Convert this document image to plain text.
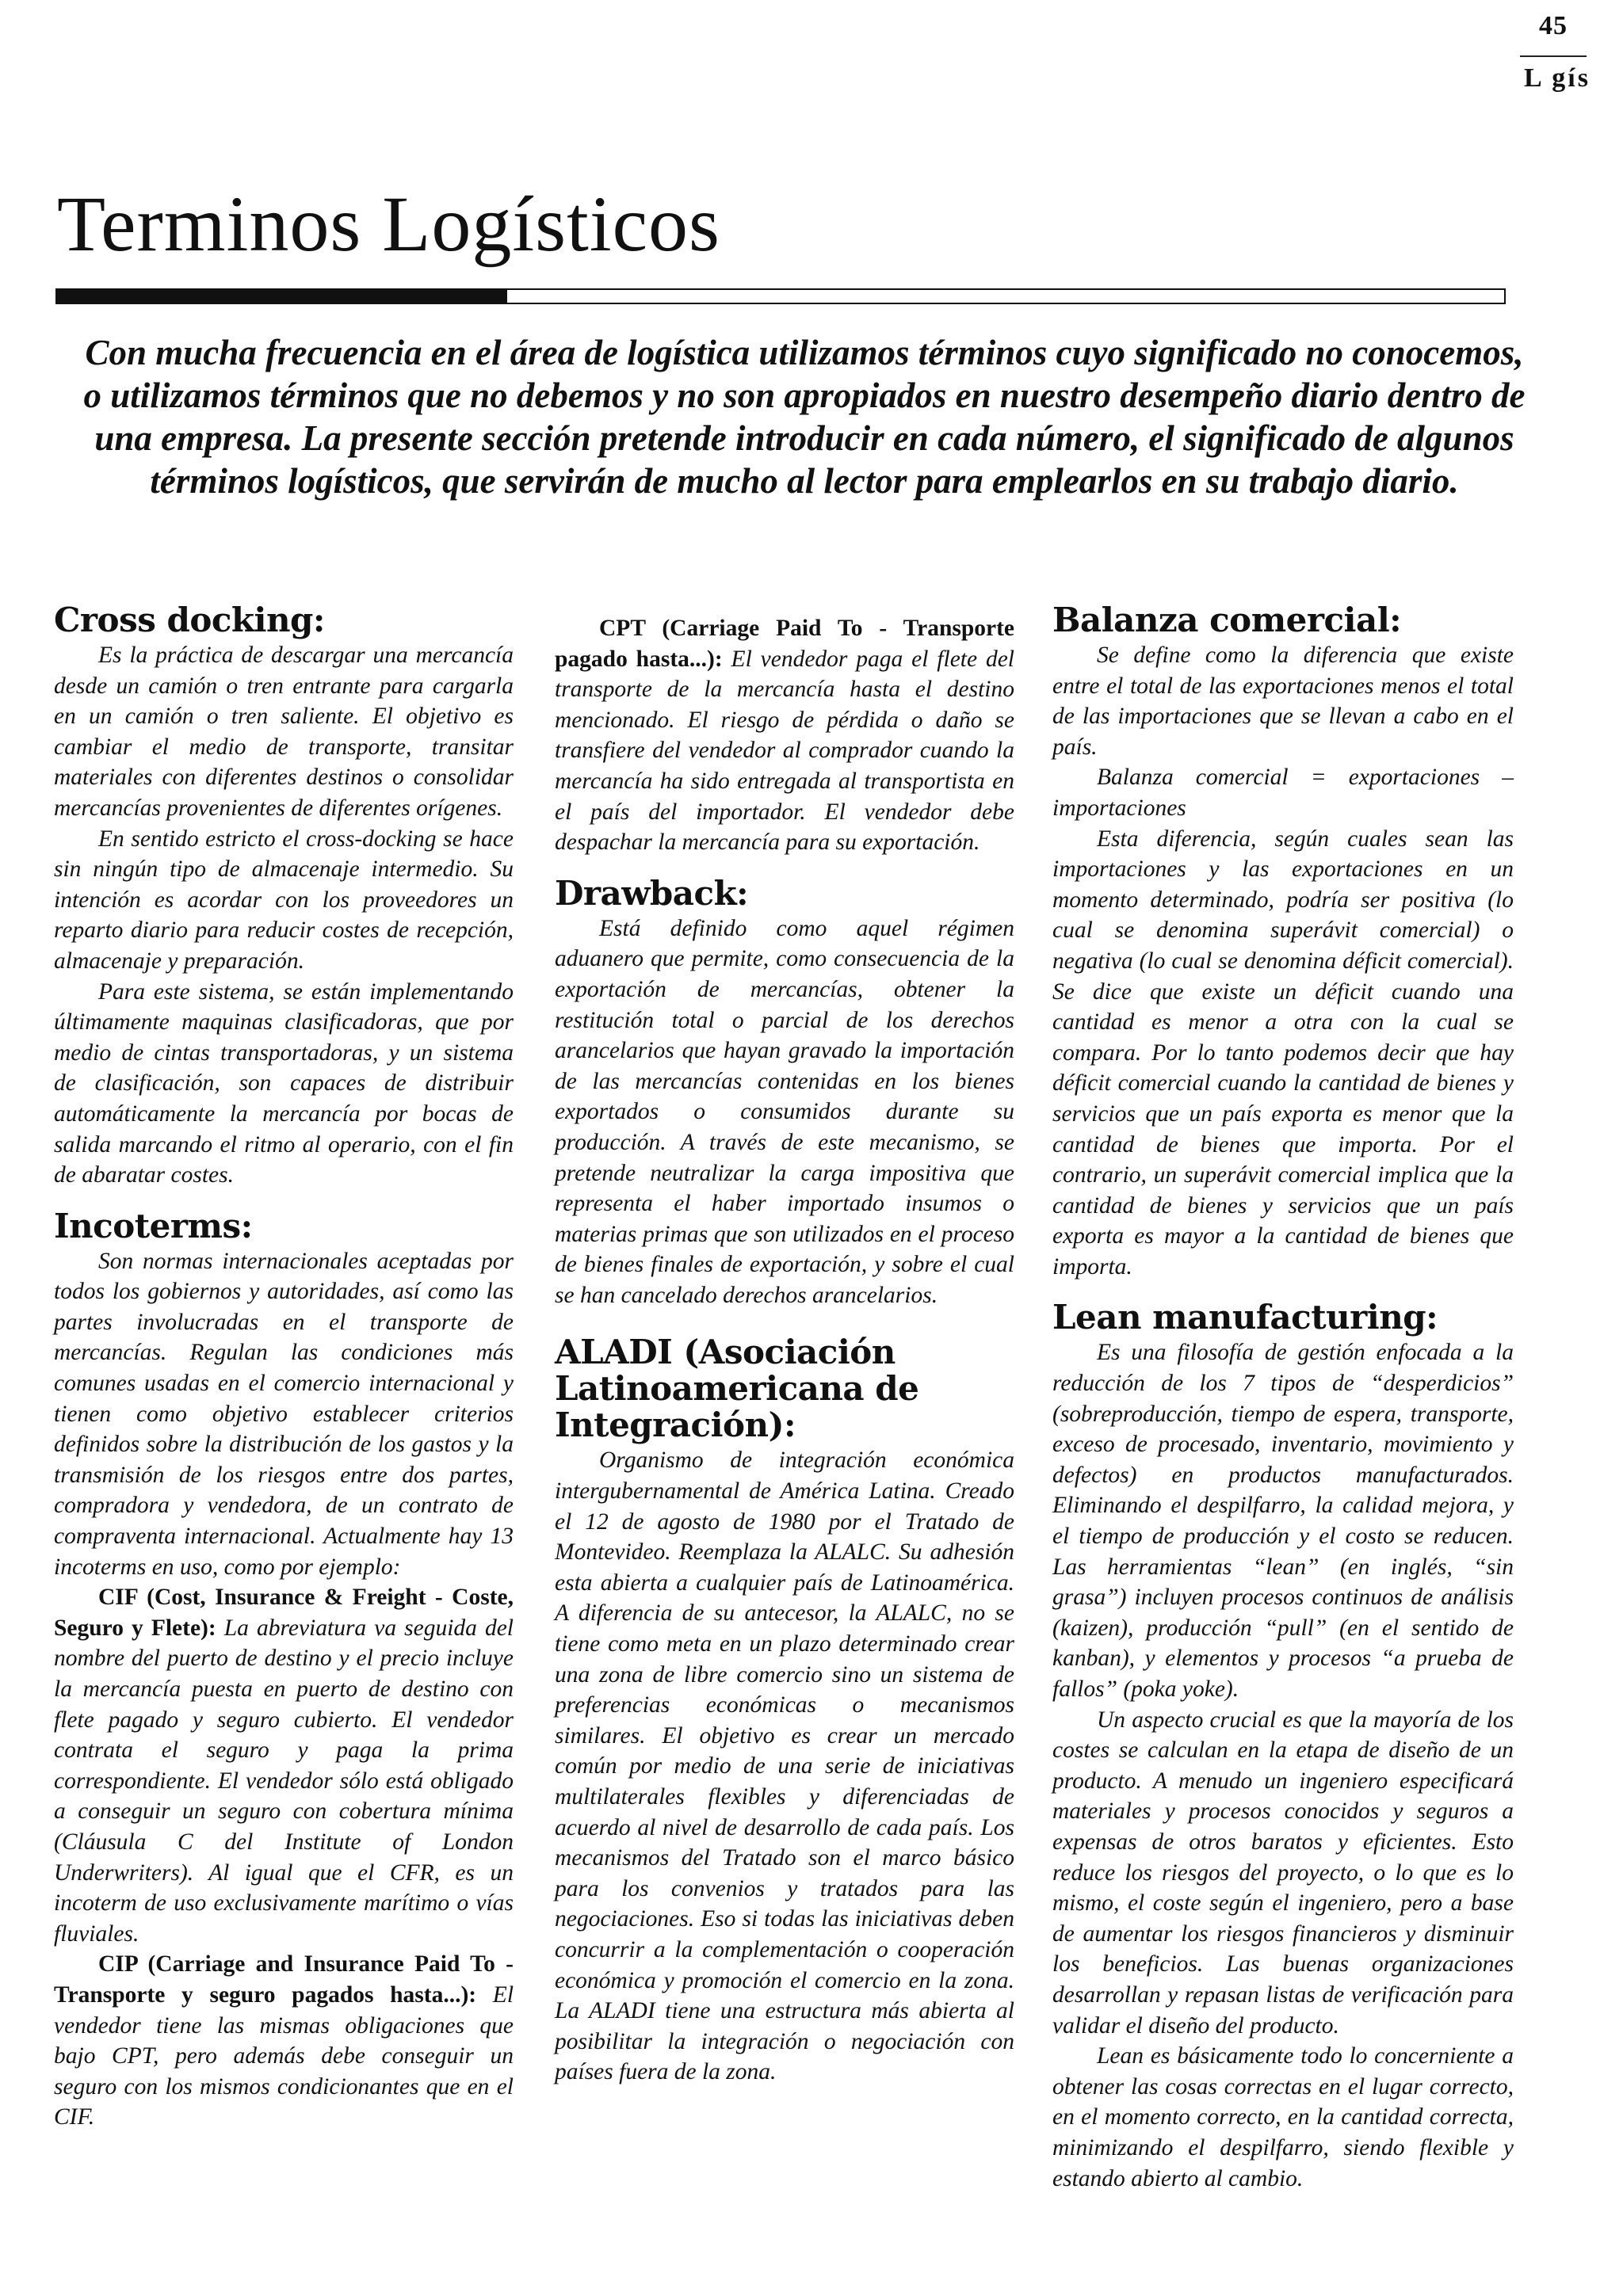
45
L gís
Terminos Logísticos

Con mucha frecuencia en el área de logística utilizamos términos cuyo significado no conocemos, o utilizamos términos que no debemos y no son apropiados en nuestro desempeño diario dentro de una empresa. La presente sección pretende introducir en cada número, el significado de algunos términos logísticos, que servirán de mucho al lector para emplearlos en su trabajo diario.

Cross docking:

Es la práctica de descargar una mercancía desde un camión o tren entrante para cargarla en un camión o tren saliente. El objetivo es cambiar el medio de transporte, transitar materiales con diferentes destinos o consolidar mercancías provenientes de diferentes orígenes.

En sentido estricto el cross-docking se hace sin ningún tipo de almacenaje intermedio. Su intención es acordar con los proveedores un reparto diario para reducir costes de recepción, almacenaje y preparación.

Para este sistema, se están implementando últimamente maquinas clasificadoras, que por medio de cintas transportadoras, y un sistema de clasificación, son capaces de distribuir automáticamente la mercancía por bocas de salida marcando el ritmo al operario, con el fin de abaratar costes.

Incoterms:

Son normas internacionales aceptadas por todos los gobiernos y autoridades, así como las partes involucradas en el transporte de mercancías. Regulan las condiciones más comunes usadas en el comercio internacional y tienen como objetivo establecer criterios definidos sobre la distribución de los gastos y la transmisión de los riesgos entre dos partes, compradora y vendedora, de un contrato de compraventa internacional. Actualmente hay 13 incoterms en uso, como por ejemplo:

CIF (Cost, Insurance & Freight - Coste, Seguro y Flete): La abreviatura va seguida del nombre del puerto de destino y el precio incluye la mercancía puesta en puerto de destino con flete pagado y seguro cubierto. El vendedor contrata el seguro y paga la prima correspondiente. El vendedor sólo está obligado a conseguir un seguro con cobertura mínima (Cláusula C del Institute of London Underwriters). Al igual que el CFR, es un incoterm de uso exclusivamente marítimo o vías fluviales.

CIP (Carriage and Insurance Paid To - Transporte y seguro pagados hasta...): El vendedor tiene las mismas obligaciones que bajo CPT, pero además debe conseguir un seguro con los mismos condicionantes que en el CIF.

CPT (Carriage Paid To - Transporte pagado hasta...): El vendedor paga el flete del transporte de la mercancía hasta el destino mencionado. El riesgo de pérdida o daño se transfiere del vendedor al comprador cuando la mercancía ha sido entregada al transportista en el país del importador. El vendedor debe despachar la mercancía para su exportación.

Drawback:

Está definido como aquel régimen aduanero que permite, como consecuencia de la exportación de mercancías, obtener la restitución total o parcial de los derechos arancelarios que hayan gravado la importación de las mercancías contenidas en los bienes exportados o consumidos durante su producción. A través de este mecanismo, se pretende neutralizar la carga impositiva que representa el haber importado insumos o materias primas que son utilizados en el proceso de bienes finales de exportación, y sobre el cual se han cancelado derechos arancelarios.

ALADI (Asociación Latinoamericana de Integración):

Organismo de integración económica intergubernamental de América Latina. Creado el 12 de agosto de 1980 por el Tratado de Montevideo. Reemplaza la ALALC. Su adhesión esta abierta a cualquier país de Latinoamérica. A diferencia de su antecesor, la ALALC, no se tiene como meta en un plazo determinado crear una zona de libre comercio sino un sistema de preferencias económicas o mecanismos similares. El objetivo es crear un mercado común por medio de una serie de iniciativas multilaterales flexibles y diferenciadas de acuerdo al nivel de desarrollo de cada país. Los mecanismos del Tratado son el marco básico para los convenios y tratados para las negociaciones. Eso si todas las iniciativas deben concurrir a la complementación o cooperación económica y promoción el comercio en la zona. La ALADI tiene una estructura más abierta al posibilitar la integración o negociación con países fuera de la zona.

Balanza comercial:

Se define como la diferencia que existe entre el total de las exportaciones menos el total de las importaciones que se llevan a cabo en el país.

Balanza comercial = exportaciones – importaciones

Esta diferencia, según cuales sean las importaciones y las exportaciones en un momento determinado, podría ser positiva (lo cual se denomina superávit comercial) o negativa (lo cual se denomina déficit comercial). Se dice que existe un déficit cuando una cantidad es menor a otra con la cual se compara. Por lo tanto podemos decir que hay déficit comercial cuando la cantidad de bienes y servicios que un país exporta es menor que la cantidad de bienes que importa. Por el contrario, un superávit comercial implica que la cantidad de bienes y servicios que un país exporta es mayor a la cantidad de bienes que importa.

Lean manufacturing:

Es una filosofía de gestión enfocada a la reducción de los 7 tipos de “desperdicios” (sobreproducción, tiempo de espera, transporte, exceso de procesado, inventario, movimiento y defectos) en productos manufacturados. Eliminando el despilfarro, la calidad mejora, y el tiempo de producción y el costo se reducen. Las herramientas “lean” (en inglés, “sin grasa”) incluyen procesos continuos de análisis (kaizen), producción “pull” (en el sentido de kanban), y elementos y procesos “a prueba de fallos” (poka yoke).

Un aspecto crucial es que la mayoría de los costes se calculan en la etapa de diseño de un producto. A menudo un ingeniero especificará materiales y procesos conocidos y seguros a expensas de otros baratos y eficientes. Esto reduce los riesgos del proyecto, o lo que es lo mismo, el coste según el ingeniero, pero a base de aumentar los riesgos financieros y disminuir los beneficios. Las buenas organizaciones desarrollan y repasan listas de verificación para validar el diseño del producto.

Lean es básicamente todo lo concerniente a obtener las cosas correctas en el lugar correcto, en el momento correcto, en la cantidad correcta, minimizando el despilfarro, siendo flexible y estando abierto al cambio.
